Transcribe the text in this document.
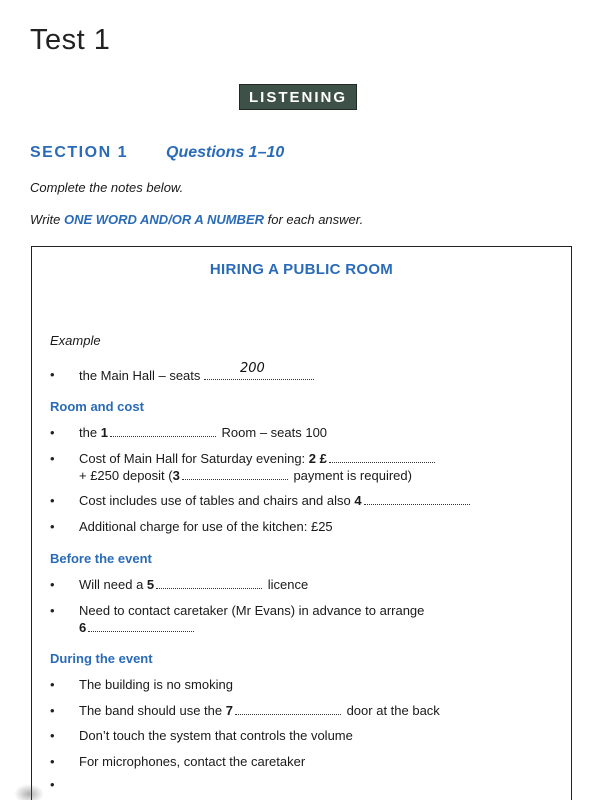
Test 1
LISTENING
SECTION 1 Questions 1–10
Complete the notes below.
Write ONE WORD AND/OR A NUMBER for each answer.
HIRING A PUBLIC ROOM
Example
• the Main Hall – seats	200
Room and cost
• the 1	Room – seats 100
• Cost of Main Hall for Saturday evening: 2 £
+ £250 deposit (3	payment is required)
• Cost includes use of tables and chairs and also 4
• Additional charge for use of the kitchen: £25
Before the event
• Will need a 5	licence
• Need to contact caretaker (Mr Evans) in advance to arrange
6
During the event
• The building is no smoking
• The band should use the 7	door at the back
• Don’t touch the system that controls the volume
• For microphones, contact the caretaker
•
